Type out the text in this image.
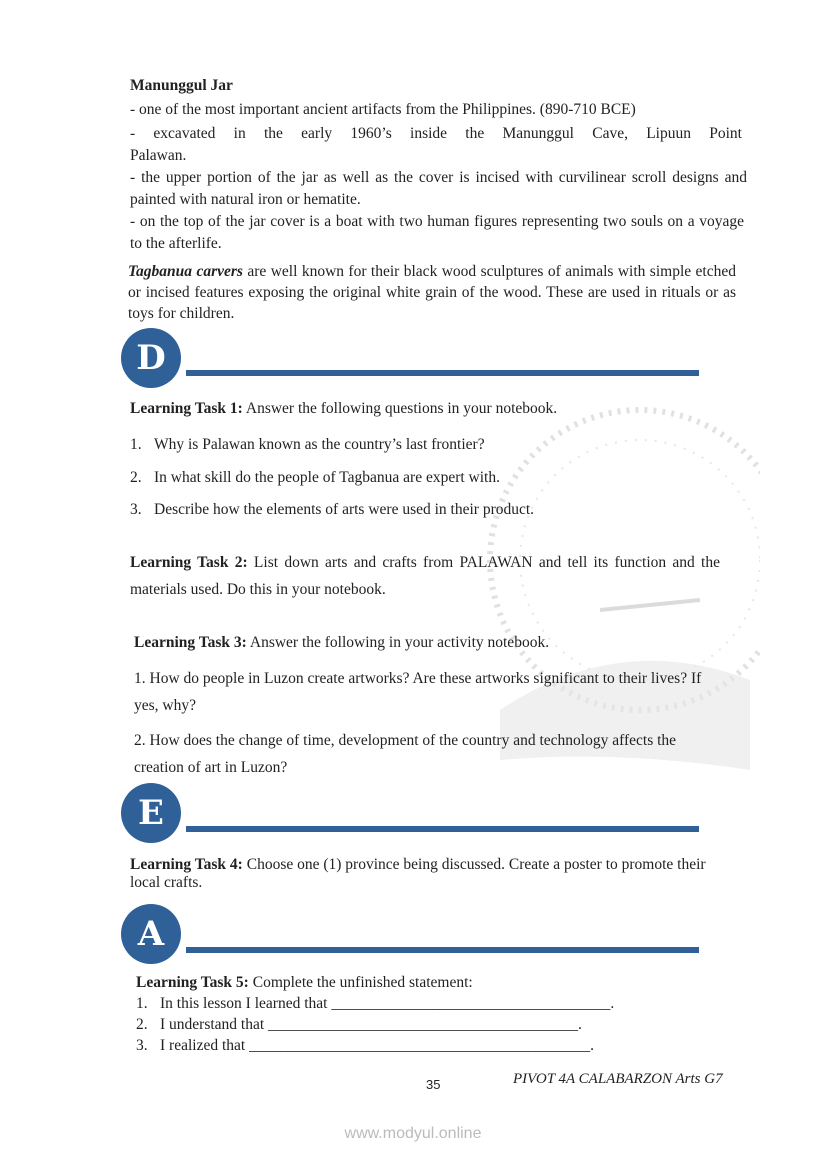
Manunggul Jar
- one of the most important ancient artifacts from the Philippines. (890-710 BCE)
- excavated in the early 1960’s inside the Manunggul Cave, Lipuun Point
Palawan.
- the upper portion of the jar as well as the cover is incised with curvilinear scroll designs and painted with natural iron or hematite.
- on the top of the jar cover is a boat with two human figures representing two souls on a voyage to the afterlife.
Tagbanua carvers are well known for their black wood sculptures of animals with simple etched or incised features exposing the original white grain of the wood. These are used in rituals or as toys for children.
D
Learning Task 1: Answer the following questions in your notebook.
1. Why is Palawan known as the country’s last frontier?
2. In what skill do the people of Tagbanua are expert with.
3. Describe how the elements of arts were used in their product.
Learning Task 2: List down arts and crafts from PALAWAN and tell its function and the materials used. Do this in your notebook.
Learning Task 3: Answer the following in your activity notebook.
1. How do people in Luzon create artworks? Are these artworks significant to their lives? If yes, why?
2. How does the change of time, development of the country and technology affects the creation of art in Luzon?
E
Learning Task 4: Choose one (1) province being discussed. Create a poster to promote their local crafts.
A
Learning Task 5: Complete the unfinished statement:
1. In this lesson I learned that ____________________________________.
2. I understand that ________________________________________.
3. I realized that ____________________________________________.
35	PIVOT 4A CALABARZON Arts G7
www.modyul.online
